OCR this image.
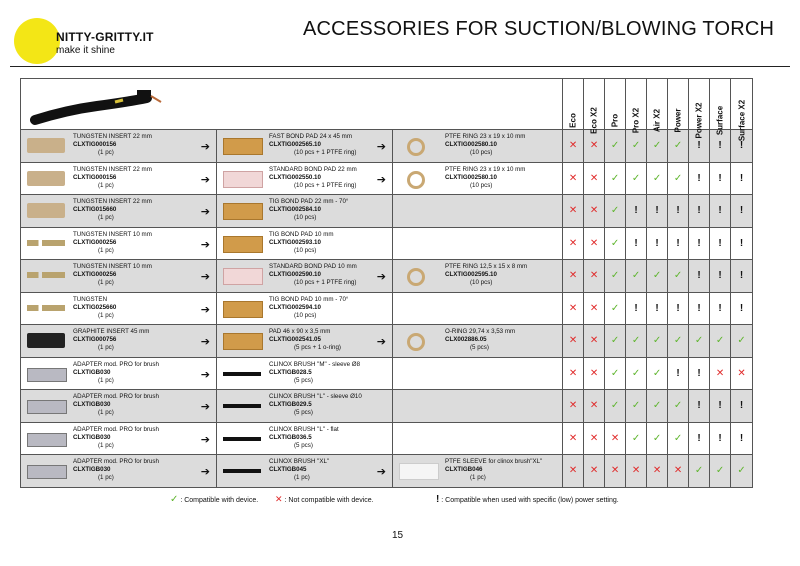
NITTY-GRITTY.IT
make it shine
ACCESSORIES FOR SUCTION/BLOWING TORCH

Eco	Eco X2	Pro	Pro X2	Air X2	Power	Power X2	Surface	Surface X2

TUNGSTEN INSERT 22 mm
CLXTIG000156
(1 pc) ➔	FAST BOND PAD 24 x 45 mm
CLXTIG002565.10
(10 pcs + 1 PTFE ring) ➔	PTFE RING 23 x 19 x 10 mm
CLXTIG002580.10
(10 pcs)	✕	✕	✓	✓	✓	✓	!	!	!

TUNGSTEN INSERT 22 mm
CLXTIG000156
(1 pc) ➔	STANDARD BOND PAD 22 mm
CLXTIG002550.10
(10 pcs + 1 PTFE ring) ➔	PTFE RING 23 x 19 x 10 mm
CLXTIG002580.10
(10 pcs)	✕	✕	✓	✓	✓	✓	!	!	!

TUNGSTEN INSERT 22 mm
CLXTIG015660
(1 pc) ➔	TIG BOND PAD 22 mm - 70°
CLXTIG002584.10
(10 pcs)		✕	✕	✓	!	!	!	!	!	!

TUNGSTEN INSERT 10 mm
CLXTIG000256
(1 pc) ➔	TIG BOND PAD 10 mm
CLXTIG002593.10
(10 pcs)		✕	✕	✓	!	!	!	!	!	!

TUNGSTEN INSERT 10 mm
CLXTIG000256
(1 pc) ➔	STANDARD BOND PAD 10 mm
CLXTIG002590.10
(10 pcs + 1 PTFE ring) ➔	PTFE RING 12,5 x 15 x 8 mm
CLXTIG002595.10
(10 pcs)	✕	✕	✓	✓	✓	✓	!	!	!

TUNGSTEN
CLXTIG025660
(1 pc) ➔	TIG BOND PAD 10 mm - 70°
CLXTIG002594.10
(10 pcs)		✕	✕	✓	!	!	!	!	!	!

GRAPHITE INSERT 45 mm
CLXTIG000756
(1 pc) ➔	PAD 46 x 90 x 3,5 mm
CLXTIG002541.05
(5 pcs + 1 o-ring) ➔	O-RING 29,74 x 3,53 mm
CLX002886.05
(5 pcs)	✕	✕	✓	✓	✓	✓	✓	✓	✓

ADAPTER mod. PRO for brush
CLXTIGB030
(1 pc) ➔	CLINOX BRUSH "M" - sleeve Ø8
CLXTIGB028.5
(5 pcs)		✕	✕	✓	✓	✓	!	!	✕	✕

ADAPTER mod. PRO for brush
CLXTIGB030
(1 pc) ➔	CLINOX BRUSH "L" - sleeve Ø10
CLXTIGB029.5
(5 pcs)		✕	✕	✓	✓	✓	✓	!	!	!

ADAPTER mod. PRO for brush
CLXTIGB030
(1 pc) ➔	CLINOX BRUSH "L" - flat
CLXTIGB036.5
(5 pcs)		✕	✕	✕	✓	✓	✓	!	!	!

ADAPTER mod. PRO for brush
CLXTIGB030
(1 pc) ➔	CLINOX BRUSH "XL"
CLXTIGB045
(1 pc) ➔	PTFE SLEEVE for clinox brush"XL"
CLXTIGB046
(1 pc)	✕	✕	✕	✕	✕	✕	✓	✓	✓
✓ : Compatible with device. ✕ : Not compatible with device.	! : Compatible when used with specific (low) power setting.
15
